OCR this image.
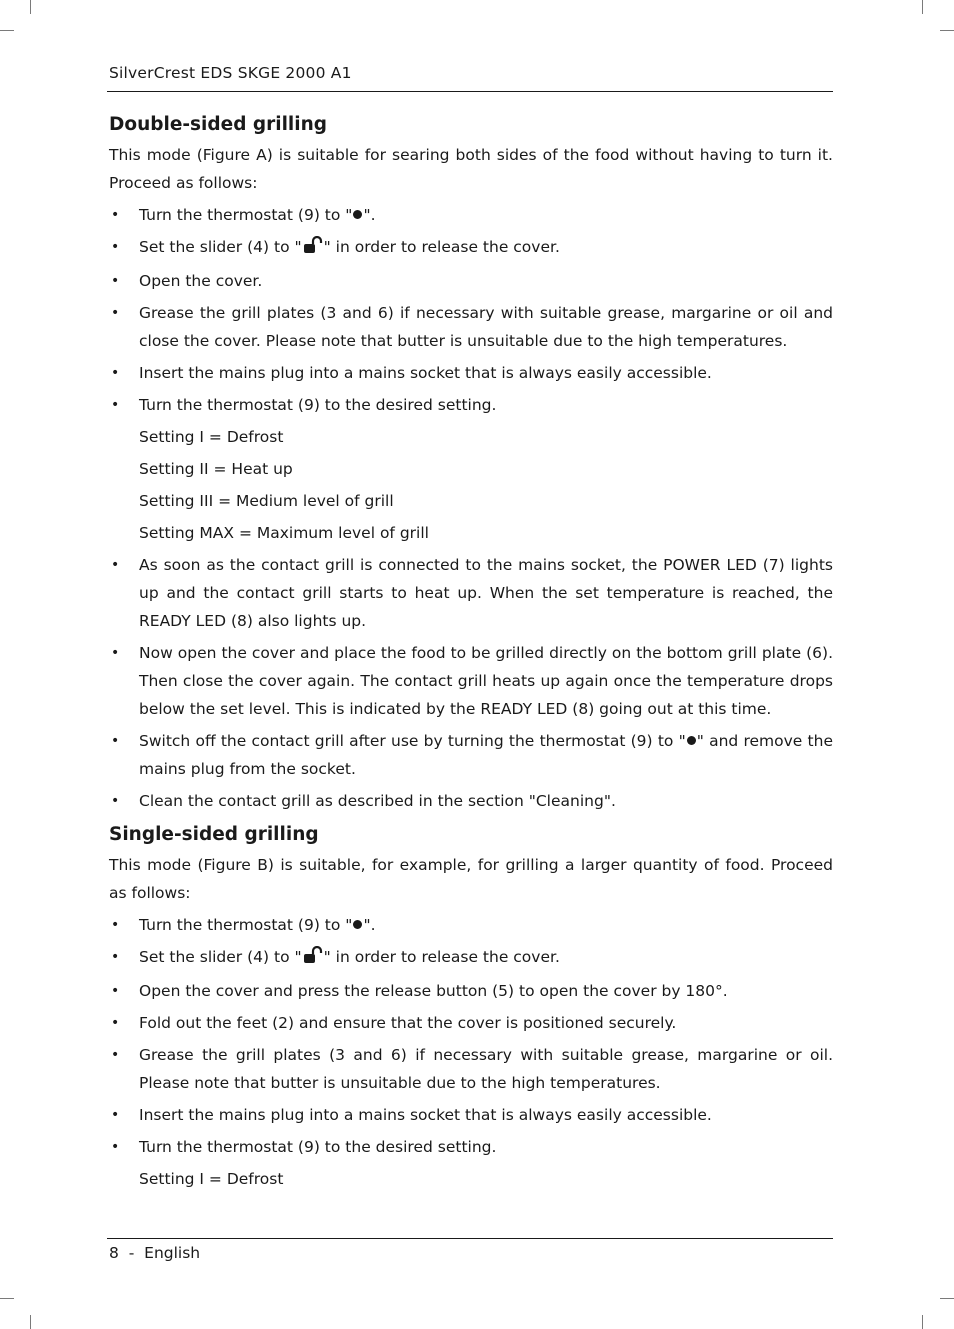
SilverCrest EDS SKGE 2000 A1
Double-sided grilling

This mode (Figure A) is suitable for searing both sides of the food without having to turn it. Proceed as follows:

• Turn the thermostat (9) to " ".
• Set the slider (4) to " " in order to release the cover.
• Open the cover.
• Grease the grill plates (3 and 6) if necessary with suitable grease, margarine or oil and close the cover. Please note that butter is unsuitable due to the high temperatures.
• Insert the mains plug into a mains socket that is always easily accessible.
• Turn the thermostat (9) to the desired setting.
Setting I = Defrost
Setting II = Heat up
Setting III = Medium level of grill
Setting MAX = Maximum level of grill
• As soon as the contact grill is connected to the mains socket, the POWER LED (7) lights up and the contact grill starts to heat up. When the set temperature is reached, the READY LED (8) also lights up.
• Now open the cover and place the food to be grilled directly on the bottom grill plate (6). Then close the cover again. The contact grill heats up again once the temperature drops below the set level. This is indicated by the READY LED (8) going out at this time.
• Switch off the contact grill after use by turning the thermostat (9) to " " and remove the mains plug from the socket.
• Clean the contact grill as described in the section "Cleaning".
Single-sided grilling

This mode (Figure B) is suitable, for example, for grilling a larger quantity of food. Proceed as follows:

• Turn the thermostat (9) to " ".
• Set the slider (4) to " " in order to release the cover.
• Open the cover and press the release button (5) to open the cover by 180°.
• Fold out the feet (2) and ensure that the cover is positioned securely.
• Grease the grill plates (3 and 6) if necessary with suitable grease, margarine or oil. Please note that butter is unsuitable due to the high temperatures.
• Insert the mains plug into a mains socket that is always easily accessible.
• Turn the thermostat (9) to the desired setting.
Setting I = Defrost
8  -  English
